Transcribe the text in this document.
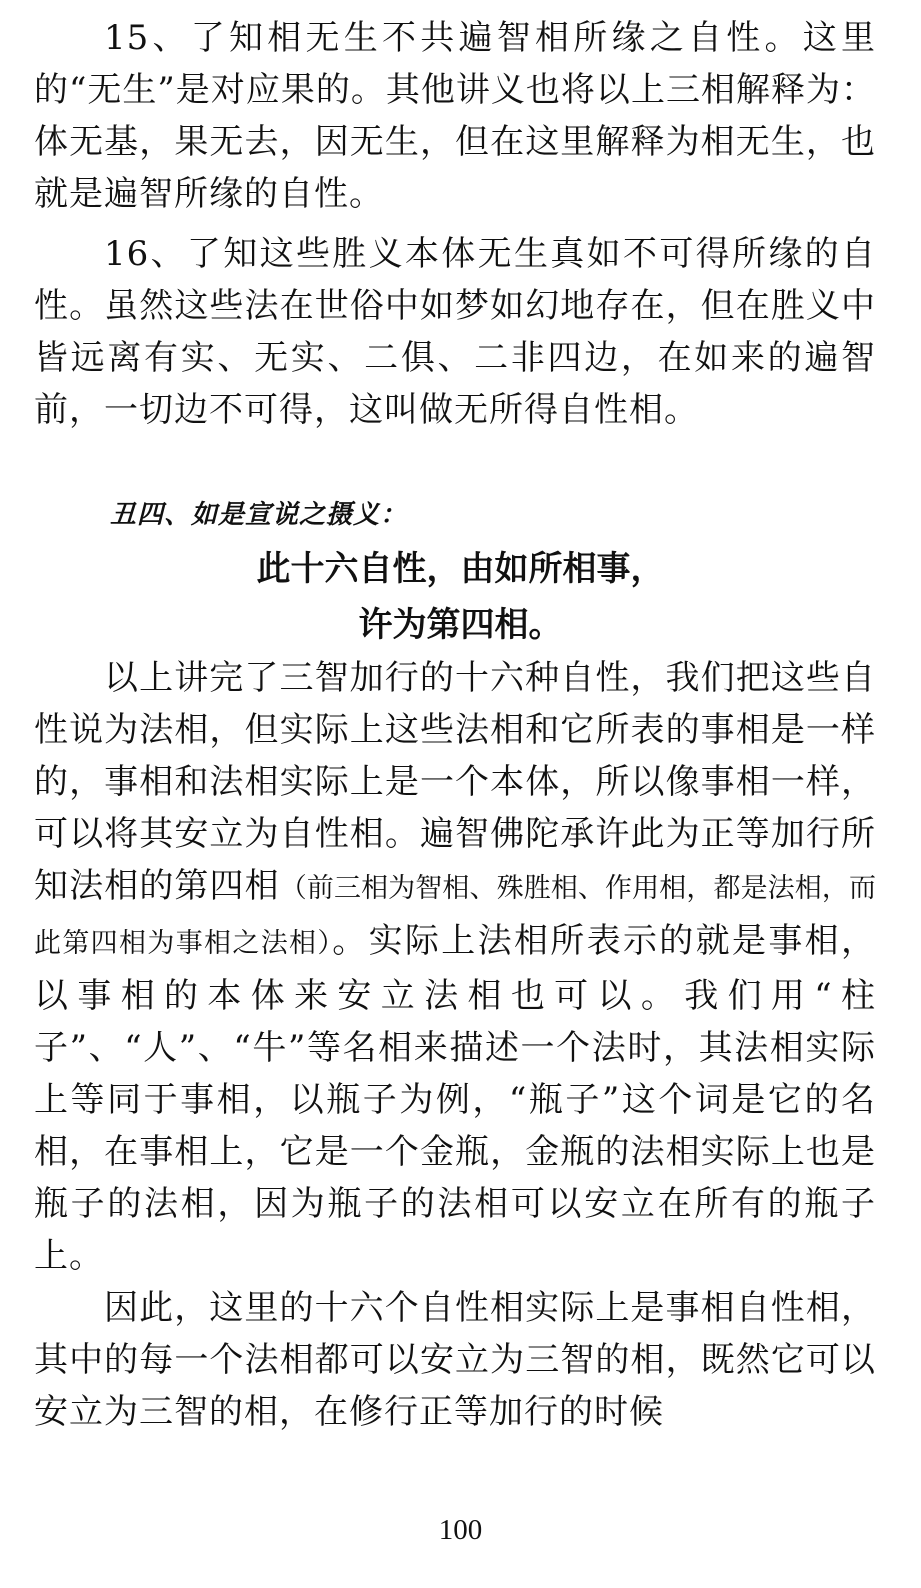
15、了知相无生不共遍智相所缘之自性。这里的“无生”是对应果的。其他讲义也将以上三相解释为：体无基，果无去，因无生，但在这里解释为相无生，也就是遍智所缘的自性。

16、了知这些胜义本体无生真如不可得所缘的自性。虽然这些法在世俗中如梦如幻地存在，但在胜义中皆远离有实、无实、二俱、二非四边，在如来的遍智前，一切边不可得，这叫做无所得自性相。

丑四、如是宣说之摄义：

此十六自性，由如所相事，

许为第四相。

以上讲完了三智加行的十六种自性，我们把这些自性说为法相，但实际上这些法相和它所表的事相是一样的，事相和法相实际上是一个本体，所以像事相一样，可以将其安立为自性相。遍智佛陀承许此为正等加行所知法相的第四相（前三相为智相、殊胜相、作用相，都是法相，而此第四相为事相之法相）。实际上法相所表示的就是事相，以事相的本体来安立法相也可以。我们用“柱子”、“人”、“牛”等名相来描述一个法时，其法相实际上等同于事相，以瓶子为例，“瓶子”这个词是它的名相，在事相上，它是一个金瓶，金瓶的法相实际上也是瓶子的法相，因为瓶子的法相可以安立在所有的瓶子上。

因此，这里的十六个自性相实际上是事相自性相，其中的每一个法相都可以安立为三智的相，既然它可以安立为三智的相，在修行正等加行的时候

100
